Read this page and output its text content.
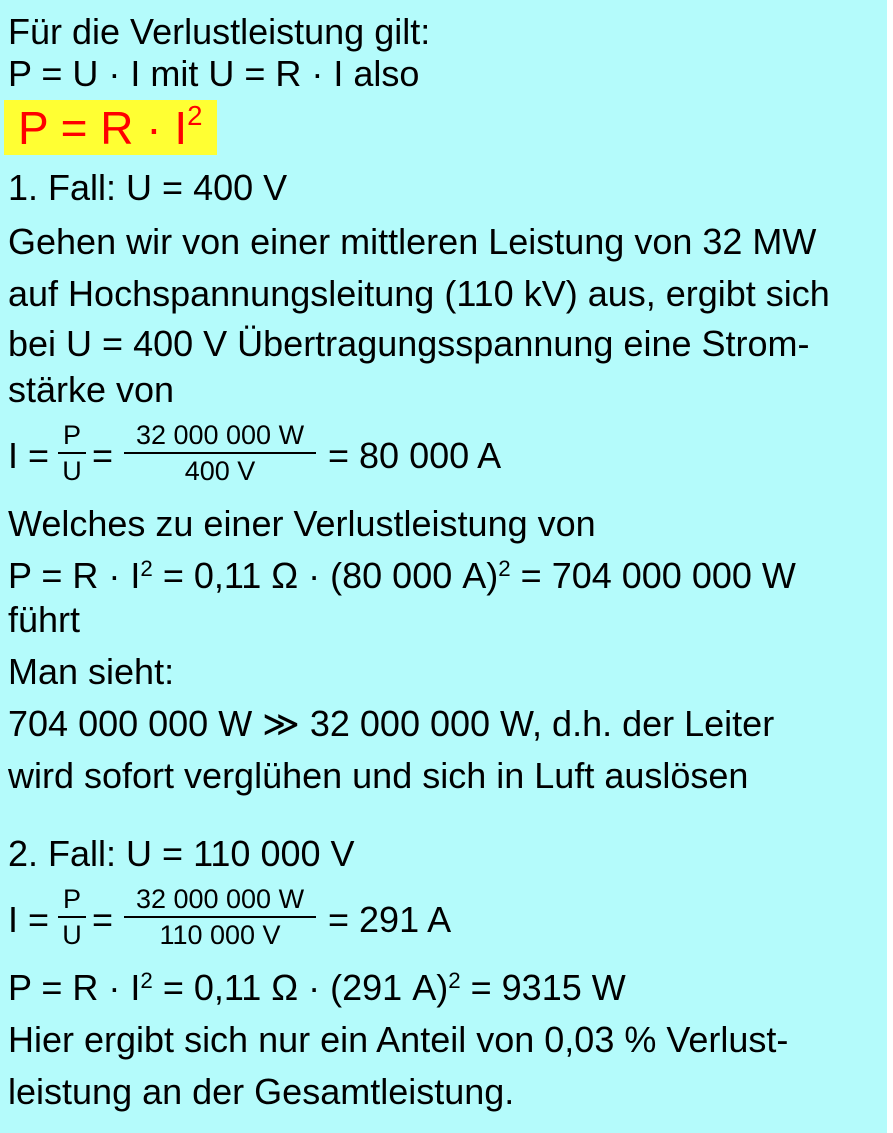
Für die Verlustleistung gilt:
P = U · I mit U = R · I also
$P = R \cdot I^2$
1. Fall: U = 400 V
Gehen wir von einer mittleren Leistung von 32 MW
auf Hochspannungsleitung (110 kV) aus, ergibt sich
bei U = 400 V Übertragungsspannung eine Strom-
stärke von
I = P
U = 32 000 000 W
400 V	= 80 000 A
Welches zu einer Verlustleistung von
$P = R \cdot I^2 = 0,11$ Ω · (80 000 A)$^2$ = 704 000 000 W
führt
Man sieht:
704 000 000 W ≫ 32 000 000 W, d.h. der Leiter
wird sofort verglühen und sich in Luft auslösen
2. Fall: U = 110 000 V
I = P
U = 32 000 000 W
110 000 V	= 291 A
$P = R \cdot I^2 = 0,11$ Ω · (291 A)$^2$ = 9315 W
Hier ergibt sich nur ein Anteil von 0,03 % Verlust-
leistung an der Gesamtleistung.
